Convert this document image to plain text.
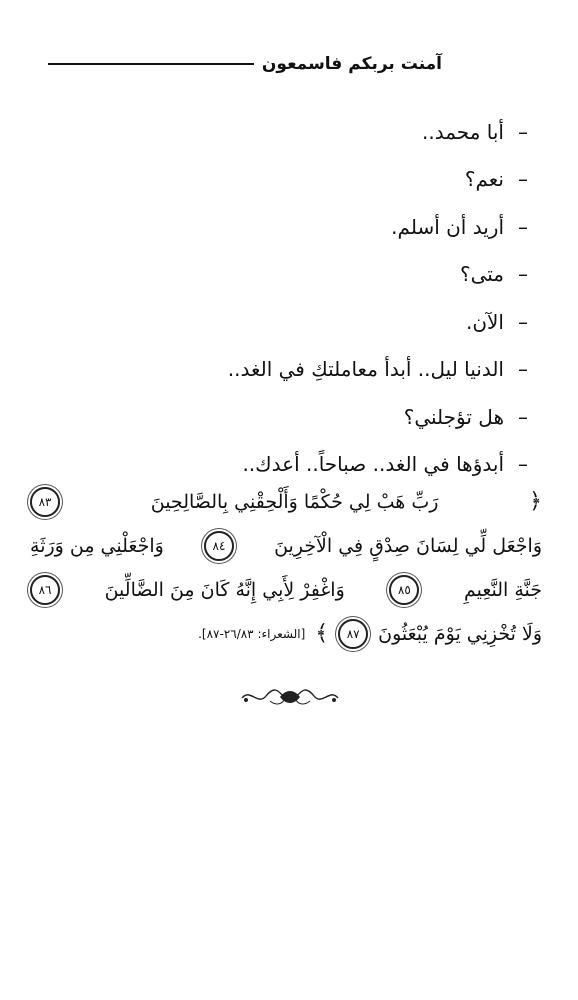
آمنت بربكم فاسمعون
–
أبا محمد..
–
نعم؟
–
أريد أن أسلم.
–
متى؟
–
الآن.
–
الدنيا ليل.. أبدأ معاملتكِ في الغد..
–
هل تؤجلني؟
–
أبدؤها في الغد.. صباحاً.. أعدك..
﴿
رَبِّ هَبْ لِي حُكْمًا وَأَلْحِقْنِي بِالصَّالِحِينَ
٨٣
وَاجْعَل لِّي لِسَانَ صِدْقٍ فِي الْآخِرِينَ
٨٤
وَاجْعَلْنِي مِن وَرَثَةِ
جَنَّةِ النَّعِيمِ
٨٥
وَاغْفِرْ لِأَبِي إِنَّهُ كَانَ مِنَ الضَّالِّينَ
٨٦
وَلَا تُخْزِنِي يَوْمَ يُبْعَثُونَ
٨٧
﴾
[الشعراء: ٢٦/٨٣-٨٧].
